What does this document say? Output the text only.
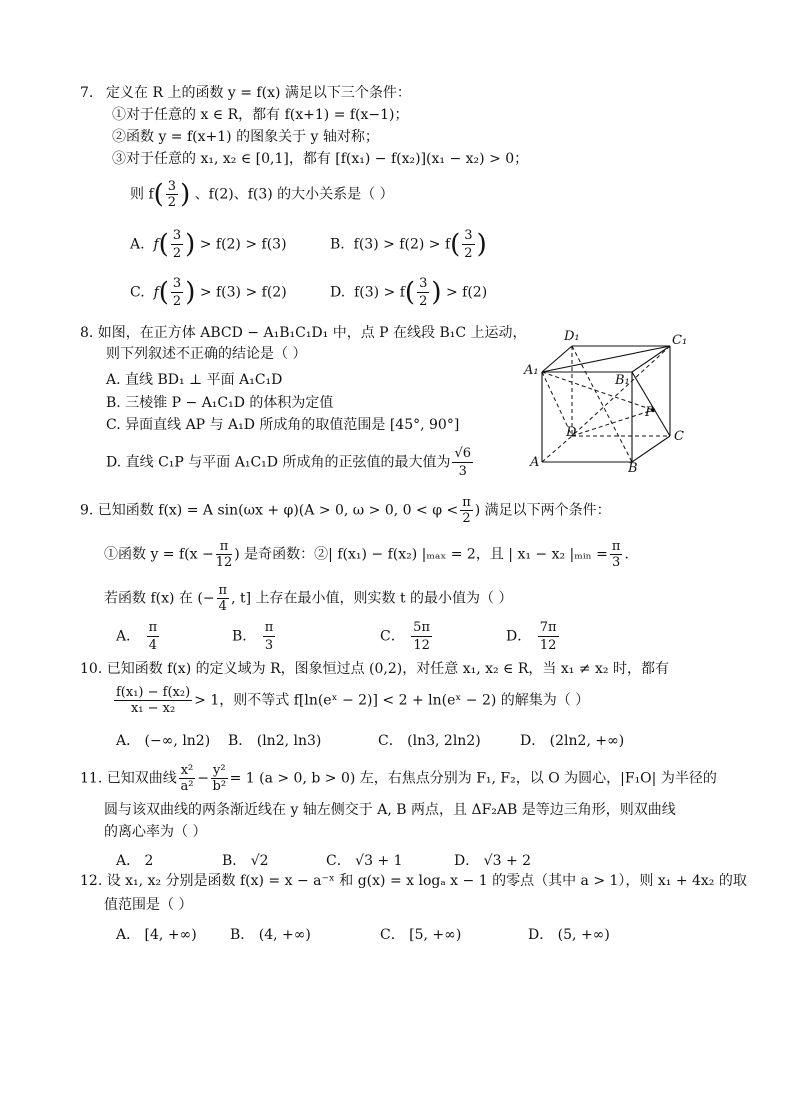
7. 定义在 R 上的函数 y = f(x) 满足以下三个条件：
①对于任意的 x ∈ R，都有 f(x+1) = f(x−1)；
②函数 y = f(x+1) 的图象关于 y 轴对称；
③对于任意的 x₁, x₂ ∈ [0,1]，都有 [f(x₁) − f(x₂)](x₁ − x₂) > 0；
则 $f( \frac{3}{2}$ ) 、f(2)、f(3) 的大小关系是（ ）
A. $f( \frac{3}{2}$ ) > f(2) > f(3)	B. $f(3) > f(2) > f( \frac{3}{2}$ )
C. $f( \frac{3}{2}$ ) > f(3) > f(2)	D. $f(3) > f( \frac{3}{2}$ ) > f(2)
8. 如图，在正方体 ABCD − A₁B₁C₁D₁ 中，点 P 在线段 B₁C 上运动，
则下列叙述不正确的结论是（ ）
A. 直线 BD₁ ⊥ 平面 A₁C₁D
B. 三棱锥 P − A₁C₁D 的体积为定值
C. 异面直线 AP 与 A₁D 所成角的取值范围是 [45°, 90°]
D. 直线 C₁P 与平面 A₁C₁D 所成角的正弦值的最大值为 $\frac{√6}{3}$
D₁	C₁
A₁
B₁
P
D	C
A	B
9. 已知函数 f(x) = A sin(ωx + φ)(A > 0, ω > 0, $0 < \varphi < \frac{\pi}{2}$ ) 满足以下两个条件：
①函数 $y = f(x - \frac{\pi}{12}$ ) 是奇函数：②| f(x₁) − f(x₂) |ₘₐₓ = 2，且 | x₁ − x₂ |ₘᵢₙ = $\frac{\pi}{3}$ .
若函数 f(x) 在 (− $\frac{\pi}{4}$ , t] 上存在最小值，则实数 t 的最小值为（ ）
A． $\frac{\pi}{4}$	B． $\frac{\pi}{3}$	C． $\frac{5\pi}{12}$	D． $\frac{7\pi}{12}$
10. 已知函数 f(x) 的定义域为 R，图象恒过点 (0,2)，对任意 x₁, x₂ ∈ R，当 x₁ ≠ x₂ 时，都有
$\frac{\text{f(x₁) − f(x₂)}}{\text{x₁ − x₂}} > 1$，则不等式 f[ln(eˣ − 2)] < 2 + ln(eˣ − 2) 的解集为（ ）
A． (−∞, ln2) B． (ln2, ln3)	C． (ln3, 2ln2)	D． (2ln2, +∞)
11. 已知双曲线 $\frac{\text{x²}}{\text{a²}} - \frac{\text{y²}}{\text{b²}} = 1$ (a > 0, b > 0) 左，右焦点分别为 F₁, F₂，以 O 为圆心，|F₁O| 为半径的
圆与该双曲线的两条渐近线在 y 轴左侧交于 A, B 两点，且 ΔF₂AB 是等边三角形，则双曲线
的离心率为（ ）
A． 2	B． √2	C． √3 + 1	D． √3 + 2
12. 设 x₁, x₂ 分别是函数 f(x) = x − a⁻ˣ 和 g(x) = x logₐ x − 1 的零点（其中 a > 1），则 x₁ + 4x₂ 的取
值范围是（ ）
A． [4, +∞) B． (4, +∞)	C． [5, +∞)	D． (5, +∞)
